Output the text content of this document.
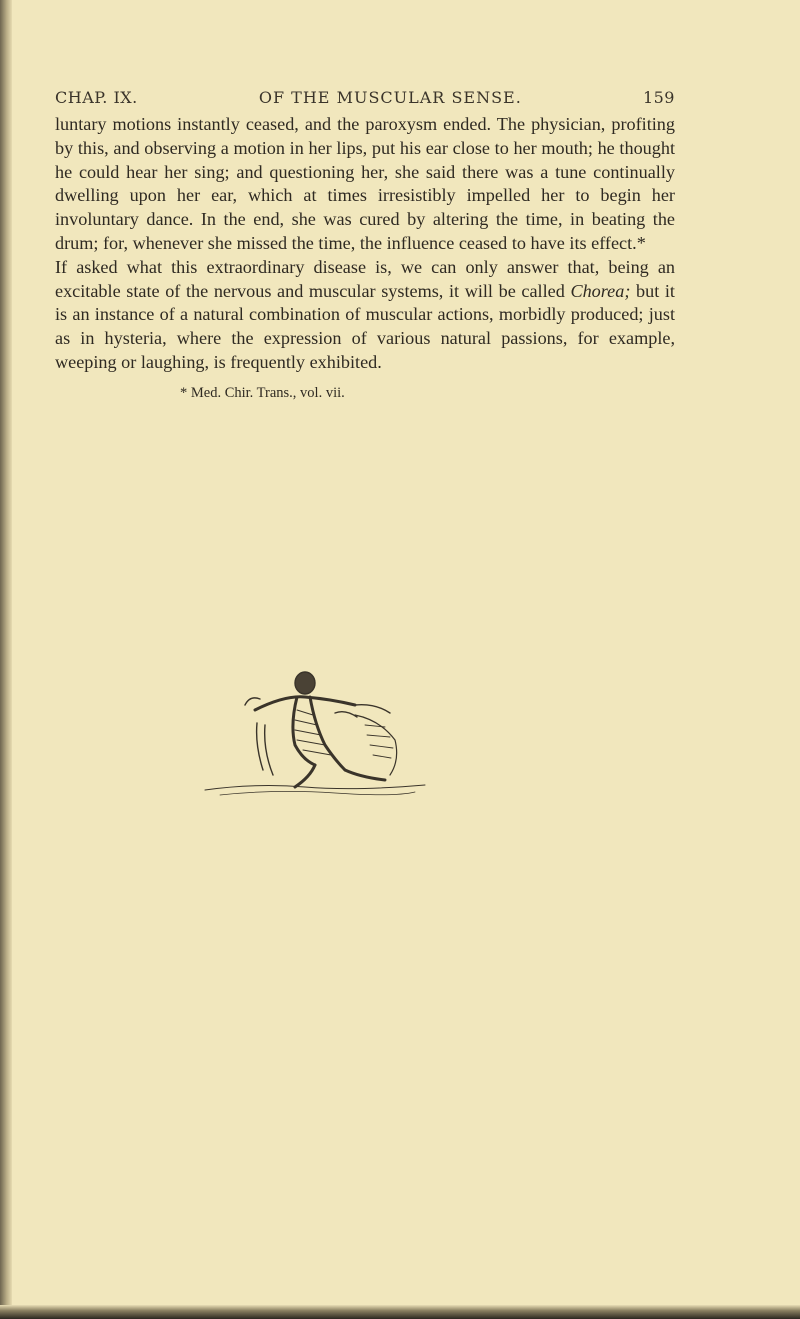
CHAP. IX.	OF THE MUSCULAR SENSE.	159

luntary motions instantly ceased, and the paroxysm ended. The physician, profiting by this, and observing a motion in her lips, put his ear close to her mouth; he thought he could hear her sing; and questioning her, she said there was a tune continually dwelling upon her ear, which at times irresistibly impelled her to begin her involuntary dance. In the end, she was cured by altering the time, in beating the drum; for, whenever she missed the time, the influence ceased to have its effect.*

If asked what this extraordinary disease is, we can only answer that, being an excitable state of the nervous and muscular systems, it will be called Chorea; but it is an instance of a natural combination of muscular actions, morbidly produced; just as in hysteria, where the expression of various natural passions, for example, weeping or laughing, is frequently exhibited.

* Med. Chir. Trans., vol. vii.
